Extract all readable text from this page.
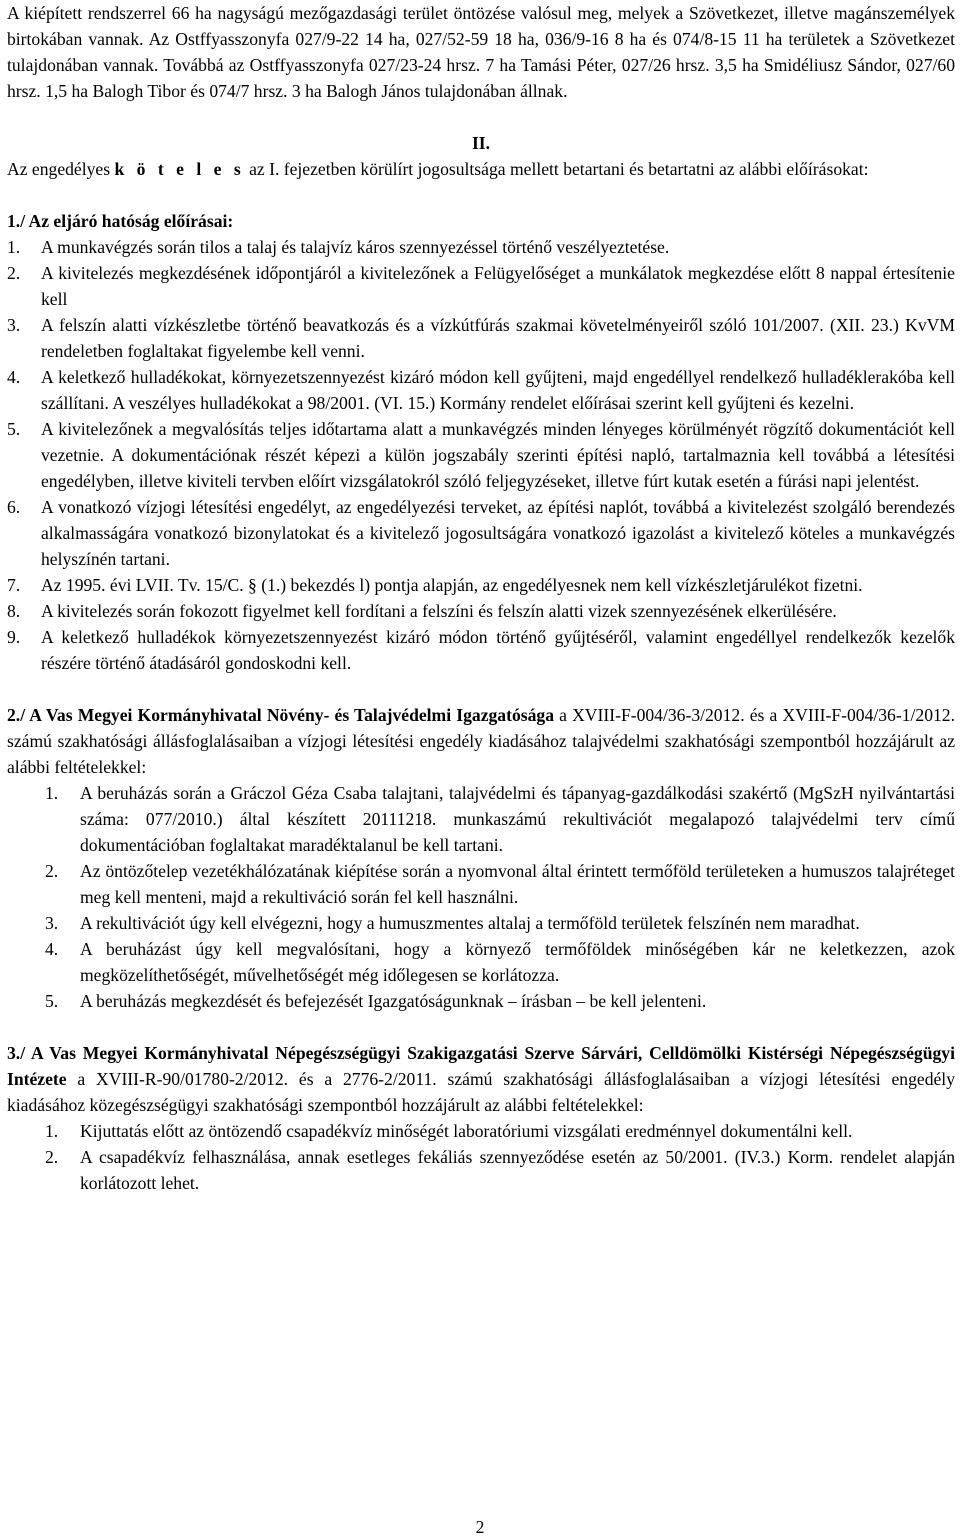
A kiépített rendszerrel 66 ha nagyságú mezőgazdasági terület öntözése valósul meg, melyek a Szövetkezet, illetve magánszemélyek birtokában vannak. Az Ostffyasszonyfa 027/9-22 14 ha, 027/52-59 18 ha, 036/9-16 8 ha és 074/8-15 11 ha területek a Szövetkezet tulajdonában vannak. Továbbá az Ostffyasszonyfa 027/23-24 hrsz. 7 ha Tamási Péter, 027/26 hrsz. 3,5 ha Smidéliusz Sándor, 027/60 hrsz. 1,5 ha Balogh Tibor és 074/7 hrsz. 3 ha Balogh János tulajdonában állnak.

II.

Az engedélyes k ö t e l e s az I. fejezetben körülírt jogosultsága mellett betartani és betartatni az alábbi előírásokat:

1./ Az eljáró hatóság előírásai:

1.	A munkavégzés során tilos a talaj és talajvíz káros szennyezéssel történő veszélyeztetése.
2.	A kivitelezés megkezdésének időpontjáról a kivitelezőnek a Felügyelőséget a munkálatok megkezdése előtt 8 nappal értesítenie kell
3.	A felszín alatti vízkészletbe történő beavatkozás és a vízkútfúrás szakmai követelményeiről szóló 101/2007. (XII. 23.) KvVM rendeletben foglaltakat figyelembe kell venni.
4.	A keletkező hulladékokat, környezetszennyezést kizáró módon kell gyűjteni, majd engedéllyel rendelkező hulladéklerakóba kell szállítani. A veszélyes hulladékokat a 98/2001. (VI. 15.) Kormány rendelet előírásai szerint kell gyűjteni és kezelni.
5.	A kivitelezőnek a megvalósítás teljes időtartama alatt a munkavégzés minden lényeges körülményét rögzítő dokumentációt kell vezetnie. A dokumentációnak részét képezi a külön jogszabály szerinti építési napló, tartalmaznia kell továbbá a létesítési engedélyben, illetve kiviteli tervben előírt vizsgálatokról szóló feljegyzéseket, illetve fúrt kutak esetén a fúrási napi jelentést.
6.	A vonatkozó vízjogi létesítési engedélyt, az engedélyezési terveket, az építési naplót, továbbá a kivitelezést szolgáló berendezés alkalmasságára vonatkozó bizonylatokat és a kivitelező jogosultságára vonatkozó igazolást a kivitelező köteles a munkavégzés helyszínén tartani.
7.	Az 1995. évi LVII. Tv. 15/C. § (1.) bekezdés l) pontja alapján, az engedélyesnek nem kell vízkészletjárulékot fizetni.
8.	A kivitelezés során fokozott figyelmet kell fordítani a felszíni és felszín alatti vizek szennyezésének elkerülésére.
9.	A keletkező hulladékok környezetszennyezést kizáró módon történő gyűjtéséről, valamint engedéllyel rendelkezők kezelők részére történő átadásáról gondoskodni kell.

2./ A Vas Megyei Kormányhivatal Növény- és Talajvédelmi Igazgatósága a XVIII-F-004/36-3/2012. és a XVIII-F-004/36-1/2012. számú szakhatósági állásfoglalásaiban a vízjogi létesítési engedély kiadásához talajvédelmi szakhatósági szempontból hozzájárult az alábbi feltételekkel:

1.	A beruházás során a Gráczol Géza Csaba talajtani, talajvédelmi és tápanyag-gazdálkodási szakértő (MgSzH nyilvántartási száma: 077/2010.) által készített 20111218. munkaszámú rekultivációt megalapozó talajvédelmi terv című dokumentációban foglaltakat maradéktalanul be kell tartani.
2.	Az öntözőtelep vezetékhálózatának kiépítése során a nyomvonal által érintett termőföld területeken a humuszos talajréteget meg kell menteni, majd a rekultiváció során fel kell használni.
3.	A rekultivációt úgy kell elvégezni, hogy a humuszmentes altalaj a termőföld területek felszínén nem maradhat.
4.	A beruházást úgy kell megvalósítani, hogy a környező termőföldek minőségében kár ne keletkezzen, azok megközelíthetőségét, művelhetőségét még időlegesen se korlátozza.
5.	A beruházás megkezdését és befejezését Igazgatóságunknak – írásban – be kell jelenteni.

3./ A Vas Megyei Kormányhivatal Népegészségügyi Szakigazgatási Szerve Sárvári, Celldömölki Kistérségi Népegészségügyi Intézete a XVIII-R-90/01780-2/2012. és a 2776-2/2011. számú szakhatósági állásfoglalásaiban a vízjogi létesítési engedély kiadásához közegészségügyi szakhatósági szempontból hozzájárult az alábbi feltételekkel:

1.	Kijuttatás előtt az öntözendő csapadékvíz minőségét laboratóriumi vizsgálati eredménnyel dokumentálni kell.
2.	A csapadékvíz felhasználása, annak esetleges fekáliás szennyeződése esetén az 50/2001. (IV.3.) Korm. rendelet alapján korlátozott lehet.
2
